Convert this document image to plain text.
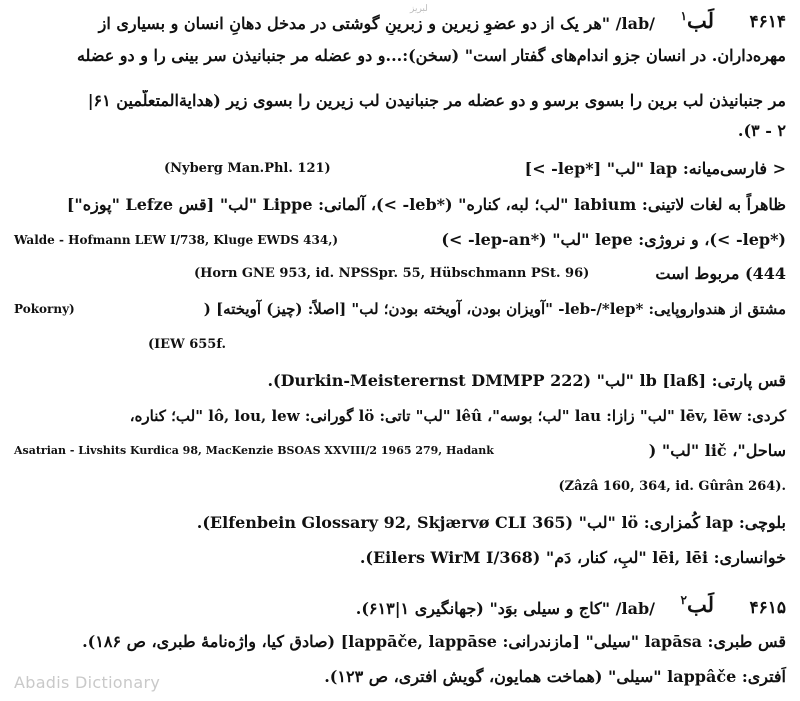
لبریز
۴۶۱۴
لَب$^۱$
/lab/ "هر یک از دو عضوِ زیرین و زبرینِ گوشتی در مدخل دهانِ انسان و بسیاری از
مهره‌داران. در انسان جزو اندام‌های گفتار است" (سخن):...و دو عضله مر جنبانیذن سر بینی را و دو عضله
مر جنبانیذن لب برین را بسوی برسو و دو عضله مر جنبانیدن لب زیرین را بسوی زیر (هدایة‌المتعلّمین ۶۱|
۲ - ۳).
< فارسی‌میانه: lap "لب" [*lep- >]
(Nyberg Man.Phl. 121)
ظاهراً به لغات لاتینی: labium "لب؛ لبه، کناره" (*leb- >)، آلمانی: Lippe "لب" [قس Lefze "پوزه"]
(*lep- >)، و نروژی: lepe "لب" (*lep-an- >)
Walde - Hofmann LEW I/738, Kluge EWDS 434,)
444) مربوط است
(Horn GNE 953, id. NPSSpr. 55, Hübschmann PSt. 96)
مشتق از هندواروپایی: *leb-/*lep- "آویزان بودن، آویخته بودن؛ لب" [اصلاً: (چیز) آویخته] (
Pokorny)
(IEW 655f.
قس پارتی: lb [laß] "لب" (Durkin-Meisterernst DMMPP 222).
کردی: lēv, lēw "لب" زازا: lau "لب؛ بوسه"، lêû "لب" تاتی: lö گورانی: lô, lou, lew "لب؛ کناره،
ساحل"، lič "لب" (
Asatrian - Livshits Kurdica 98, MacKenzie BSOAS XXVIII/2 1965 279, Hadank
(Zâzâ 160, 364, id. Gûrân 264).
بلوچی: lap کُمزاری: lö "لب" (Elfenbein Glossary 92, Skjærvø CLI 365).
خوانساری: lēi, lēi "لبِ، کنار، دَم" (Eilers WirM I/368).
۴۶۱۵
لَب$^۲$
/lab/ "کاج و سیلی بوَد" (جهانگیری ۱|۶۱۳).
قس طبری: lapāsa "سیلی" [مازندرانی: lappāče, lappāse] (صادق کیا، واژه‌نامهٔ طبری، ص ۱۸۶).
اَفتری: lappâče "سیلی" (هماخت همایون، گویش افتری، ص ۱۲۳).
Abadis Dictionary
